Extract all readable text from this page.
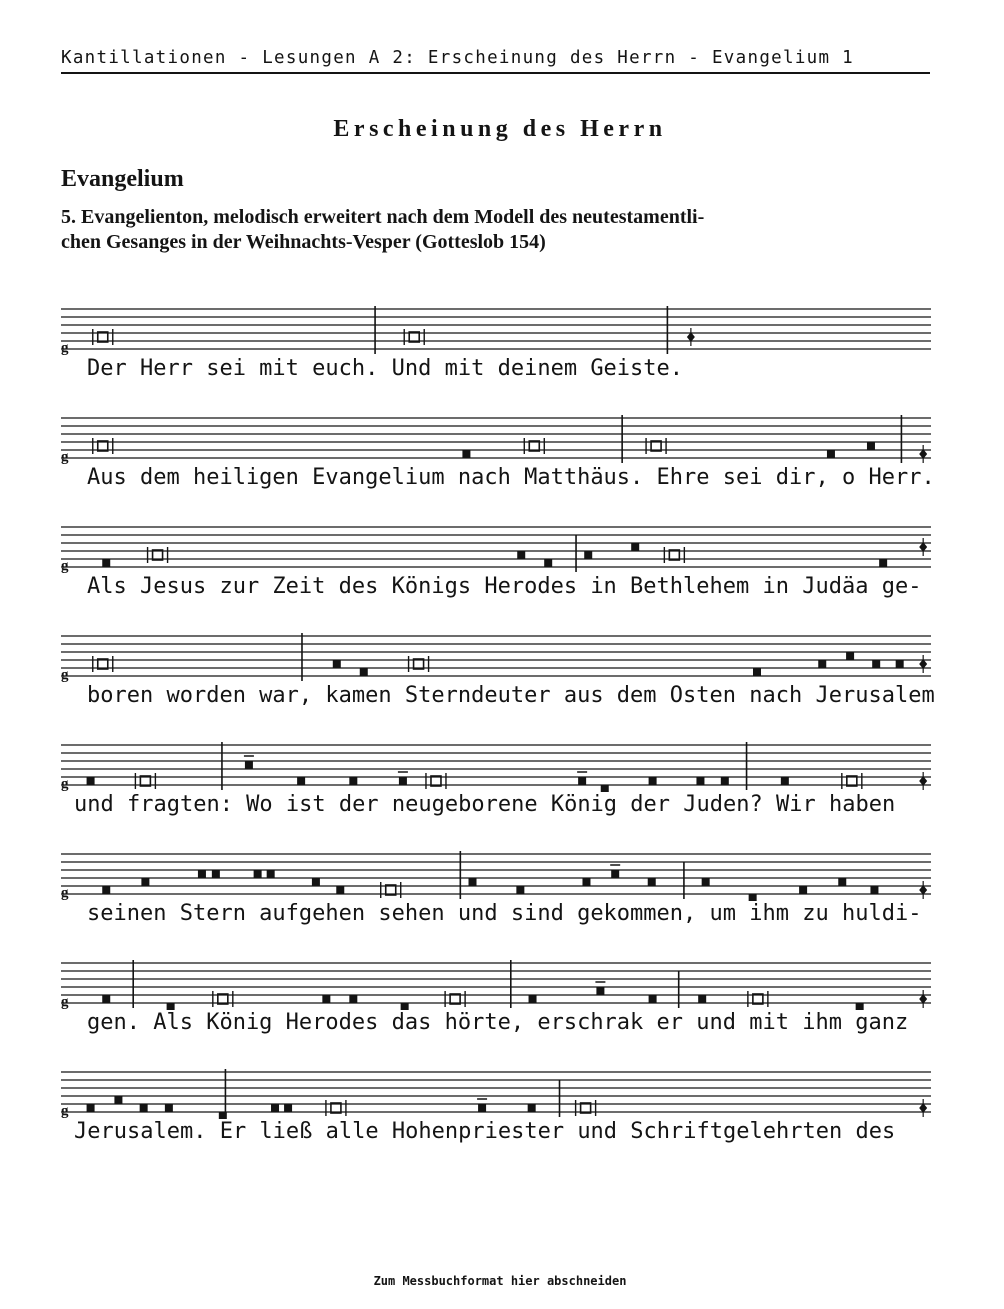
Kantillationen - Lesungen A 2: Erscheinung des Herrn - Evangelium 1
Erscheinung des Herrn
Evangelium
5. Evangelienton, melodisch erweitert nach dem Modell des neutestamentli-
chen Gesanges in der Weihnachts-Vesper (Gotteslob 154)
g
Der Herr sei mit euch. Und mit deinem Geiste.
g
Aus dem heiligen Evangelium nach Matthäus. Ehre sei dir, o Herr.
g
Als Jesus zur Zeit des Königs Herodes in Bethlehem in Judäa ge-
g
boren worden war, kamen Sterndeuter aus dem Osten nach Jerusalem
g
und fragten: Wo ist der neugeborene König der Juden? Wir haben
g
seinen Stern aufgehen sehen und sind gekommen, um ihm zu huldi-
g
gen. Als König Herodes das hörte, erschrak er und mit ihm ganz
g
Jerusalem. Er ließ alle Hohenpriester und Schriftgelehrten des
Zum Messbuchformat hier abschneiden
